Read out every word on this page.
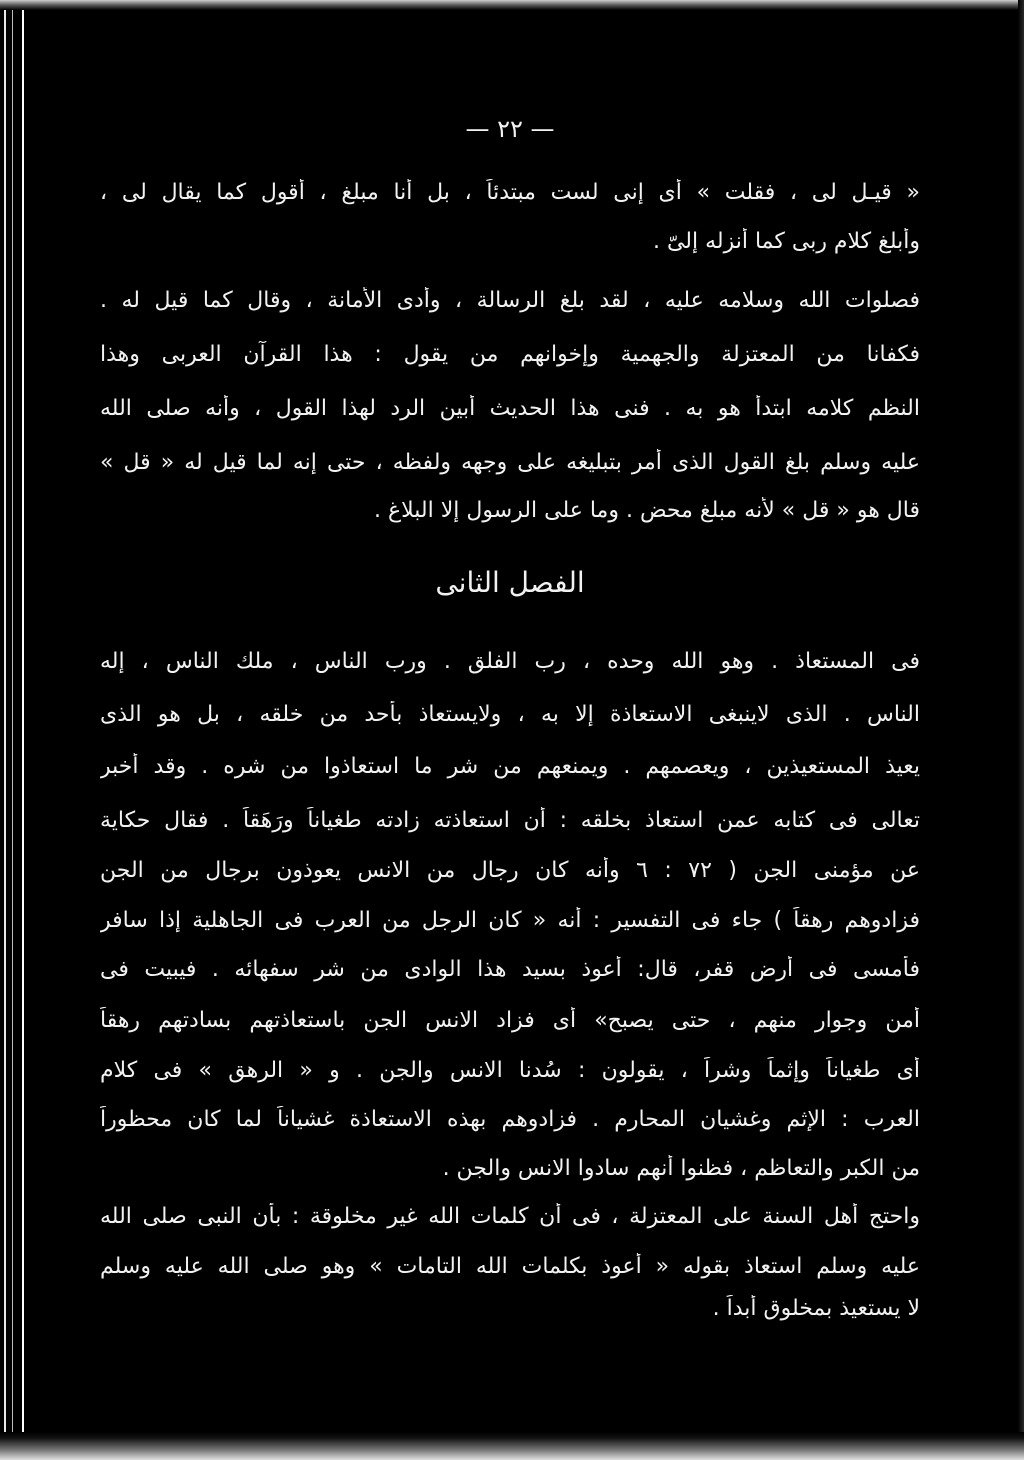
— ٢٢ —
« قيـل لى ، فقلت » أى إنى لست مبتدئاً ، بل أنا مبلغ ، أقول كما يقال لى ،
وأبلغ كلام ربى كما أنزله إلىّ .
فصلوات الله وسلامه عليه ، لقد بلغ الرسالة ، وأدى الأمانة ، وقال كما قيل له .
فكفانا من المعتزلة والجهمية وإخوانهم من يقول : هذا القرآن العربى وهذا
النظم كلامه ابتدأ هو به . فنى هذا الحديث أبين الرد لهذا القول ، وأنه صلى الله
عليه وسلم بلغ القول الذى أمر بتبليغه على وجهه ولفظه ، حتى إنه لما قيل له « قل »
قال هو « قل » لأنه مبلغ محض . وما على الرسول إلا البلاغ .
الفصل الثانى
فى المستعاذ . وهو الله وحده ، رب الفلق . ورب الناس ، ملك الناس ، إله
الناس . الذى لاينبغى الاستعاذة إلا به ، ولايستعاذ بأحد من خلقه ، بل هو الذى
يعيذ المستعيذين ، ويعصمهم . ويمنعهم من شر ما استعاذوا من شره . وقد أخبر
تعالى فى كتابه عمن استعاذ بخلقه : أن استعاذته زادته طغياناً ورَهَقاً . فقال حكاية
عن مؤمنى الجن ( ٧٢ : ٦ وأنه كان رجال من الانس يعوذون برجال من الجن
فزادوهم رهقاً ) جاء فى التفسير : أنه « كان الرجل من العرب فى الجاهلية إذا سافر
فأمسى فى أرض قفر، قال: أعوذ بسيد هذا الوادى من شر سفهائه . فيبيت فى
أمن وجوار منهم ، حتى يصبح» أى فزاد الانس الجن باستعاذتهم بسادتهم رهقاً
أى طغياناً وإثماً وشراً ، يقولون : سُدنا الانس والجن . و « الرهق » فى كلام
العرب : الإثم وغشيان المحارم . فزادوهم بهذه الاستعاذة غشياناً لما كان محظوراً
من الكبر والتعاظم ، فظنوا أنهم سادوا الانس والجن .
واحتج أهل السنة على المعتزلة ، فى أن كلمات الله غير مخلوقة : بأن النبى صلى الله
عليه وسلم استعاذ بقوله « أعوذ بكلمات الله التامات » وهو صلى الله عليه وسلم
لا يستعيذ بمخلوق أبداً .
